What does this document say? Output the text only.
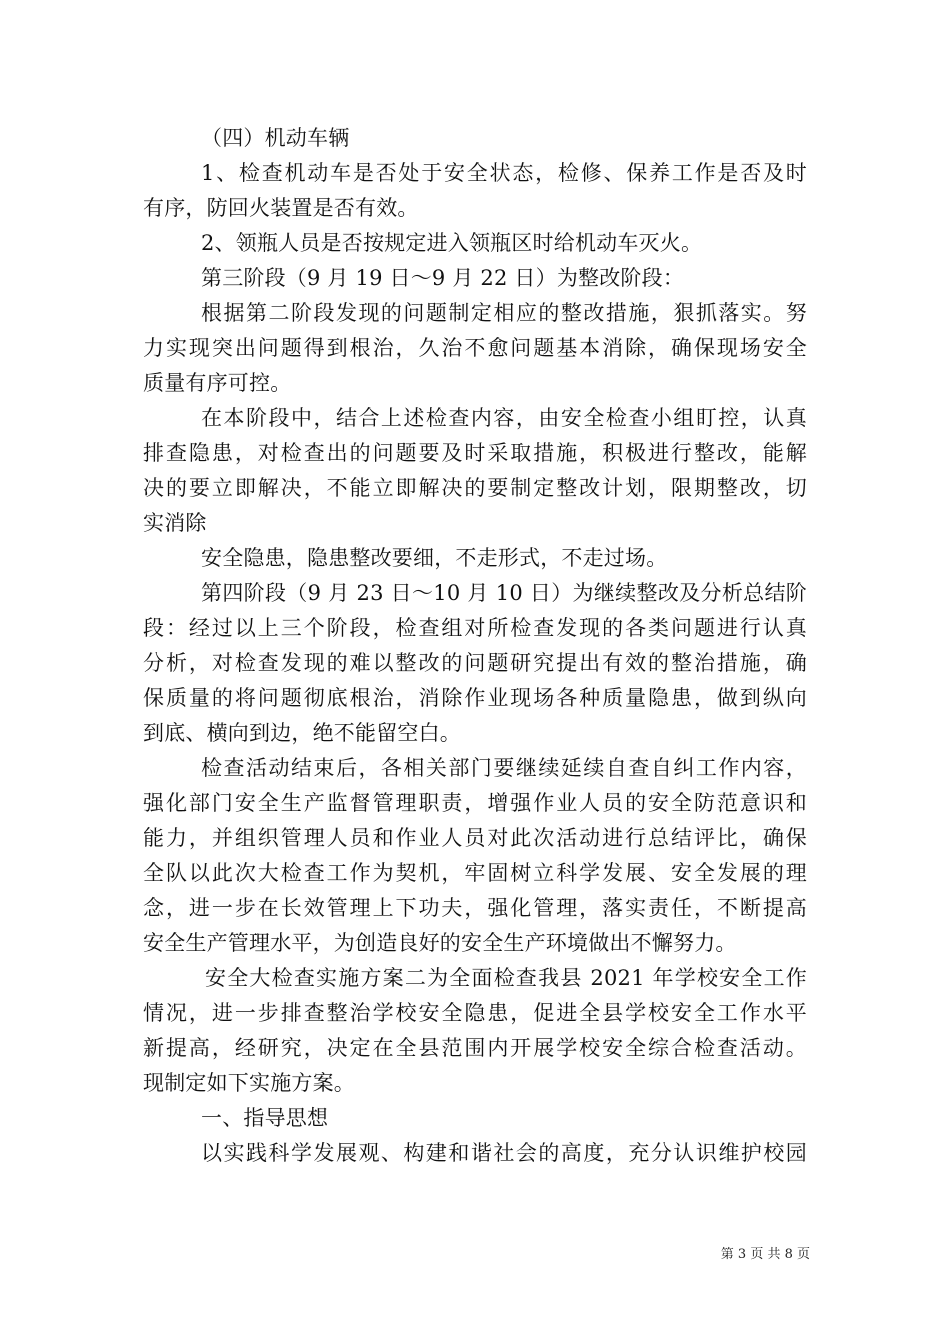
（四）机动车辆
1、检查机动车是否处于安全状态，检修、保养工作是否及时
有序，防回火装置是否有效。
2、领瓶人员是否按规定进入领瓶区时给机动车灭火。
第三阶段（9 月 19 日～9 月 22 日）为整改阶段：
根据第二阶段发现的问题制定相应的整改措施，狠抓落实。努
力实现突出问题得到根治，久治不愈问题基本消除，确保现场安全
质量有序可控。
在本阶段中，结合上述检查内容，由安全检查小组盯控，认真
排查隐患，对检查出的问题要及时采取措施，积极进行整改，能解
决的要立即解决，不能立即解决的要制定整改计划，限期整改，切
实消除
安全隐患，隐患整改要细，不走形式，不走过场。
第四阶段（9 月 23 日～10 月 10 日）为继续整改及分析总结阶
段：经过以上三个阶段，检查组对所检查发现的各类问题进行认真
分析，对检查发现的难以整改的问题研究提出有效的整治措施，确
保质量的将问题彻底根治，消除作业现场各种质量隐患，做到纵向
到底、横向到边，绝不能留空白。
检查活动结束后，各相关部门要继续延续自查自纠工作内容，
强化部门安全生产监督管理职责，增强作业人员的安全防范意识和
能力，并组织管理人员和作业人员对此次活动进行总结评比，确保
全队以此次大检查工作为契机，牢固树立科学发展、安全发展的理
念，进一步在长效管理上下功夫，强化管理，落实责任，不断提高
安全生产管理水平，为创造良好的安全生产环境做出不懈努力。
安全大检查实施方案二为全面检查我县 2021 年学校安全工作
情况，进一步排查整治学校安全隐患，促进全县学校安全工作水平
新提高，经研究，决定在全县范围内开展学校安全综合检查活动。
现制定如下实施方案。
一、指导思想
以实践科学发展观、构建和谐社会的高度，充分认识维护校园
第 3 页 共 8 页
